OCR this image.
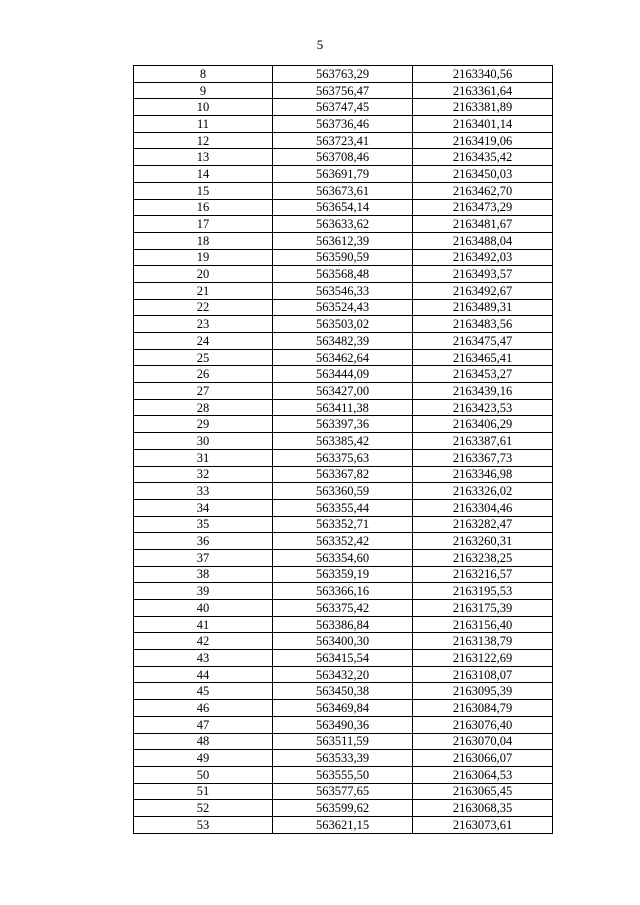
5
8	563763,29	2163340,56
9	563756,47	2163361,64
10	563747,45	2163381,89
11	563736,46	2163401,14
12	563723,41	2163419,06
13	563708,46	2163435,42
14	563691,79	2163450,03
15	563673,61	2163462,70
16	563654,14	2163473,29
17	563633,62	2163481,67
18	563612,39	2163488,04
19	563590,59	2163492,03
20	563568,48	2163493,57
21	563546,33	2163492,67
22	563524,43	2163489,31
23	563503,02	2163483,56
24	563482,39	2163475,47
25	563462,64	2163465,41
26	563444,09	2163453,27
27	563427,00	2163439,16
28	563411,38	2163423,53
29	563397,36	2163406,29
30	563385,42	2163387,61
31	563375,63	2163367,73
32	563367,82	2163346,98
33	563360,59	2163326,02
34	563355,44	2163304,46
35	563352,71	2163282,47
36	563352,42	2163260,31
37	563354,60	2163238,25
38	563359,19	2163216,57
39	563366,16	2163195,53
40	563375,42	2163175,39
41	563386,84	2163156,40
42	563400,30	2163138,79
43	563415,54	2163122,69
44	563432,20	2163108,07
45	563450,38	2163095,39
46	563469,84	2163084,79
47	563490,36	2163076,40
48	563511,59	2163070,04
49	563533,39	2163066,07
50	563555,50	2163064,53
51	563577,65	2163065,45
52	563599,62	2163068,35
53	563621,15	2163073,61
